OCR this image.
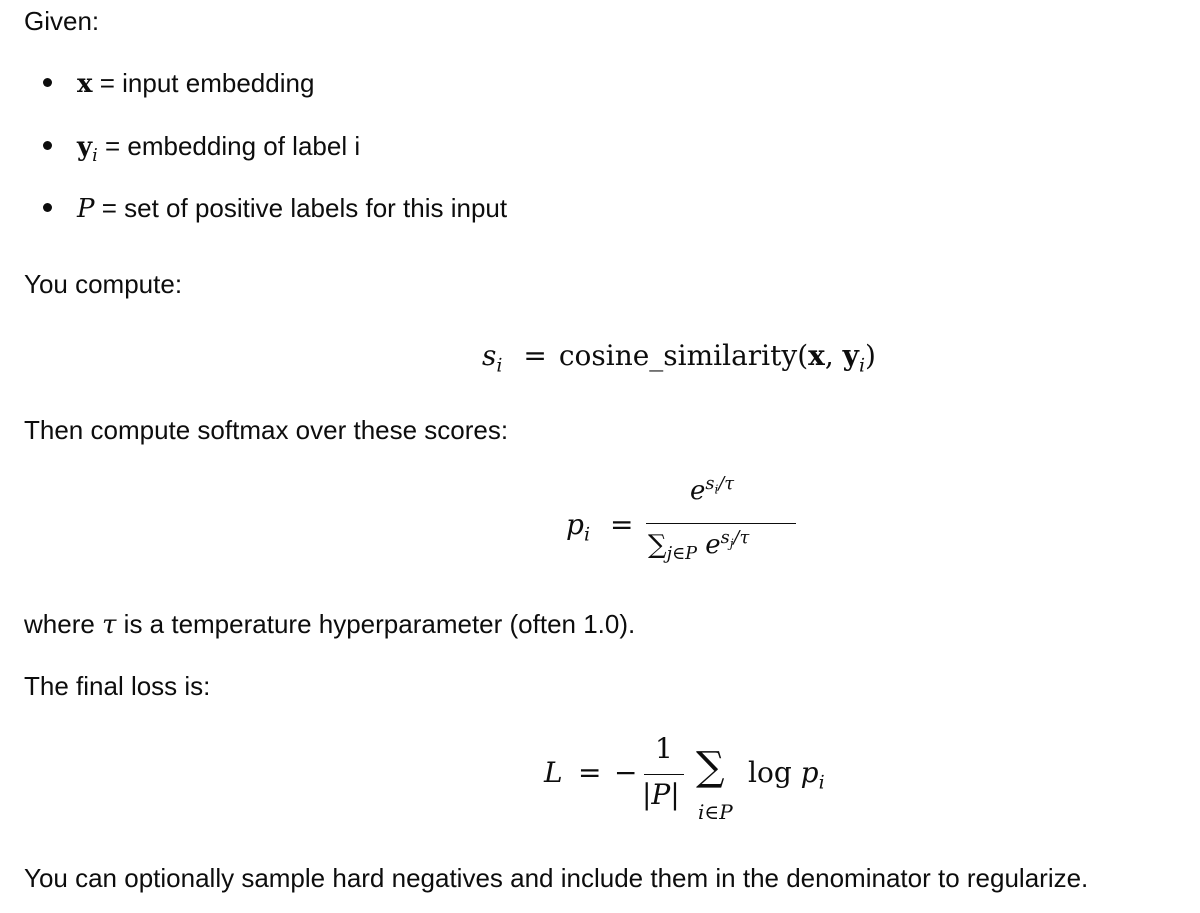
Given:

x = input embedding
$y_i$ = embedding of label i
P = set of positive labels for this input

You compute:

$s_i$ = cosine_similarity(x, $y_i$)

Then compute softmax over these scores:

$p_i$ =
$e^{s_i/\tau}$
$\sum_{j\in P}$ $e^{s_j/\tau}$

where τ is a temperature hyperparameter (often 1.0).

The final loss is:

L = −
1
|P|
∑
i∈P
$\log p_i$

You can optionally sample hard negatives and include them in the denominator to regularize.
